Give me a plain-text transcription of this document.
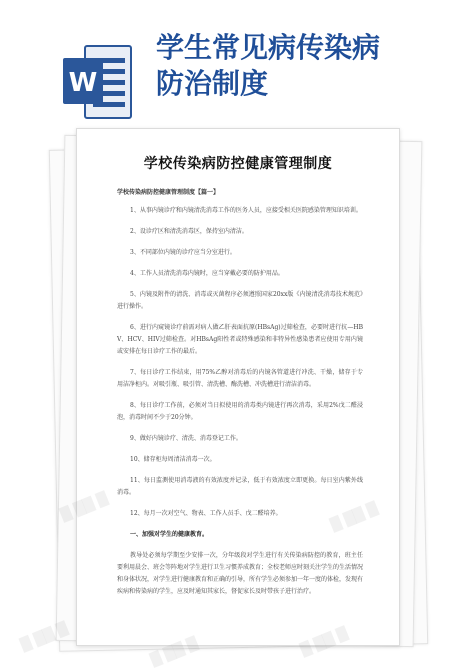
W
学生常见病传染病
防治制度
学校传染病防控健康管理制度
学校传染病防控健康管理制度【篇一】

1、从事内镜诊疗和内镜清洗消毒工作的医务人员，应接受相关医院感染管理知识培训。

2、设诊疗区和清洗消毒区，保持室内清洁。

3、不同部位内镜的诊疗应当分室进行。

4、工作人员清洗消毒内镜时，应当穿戴必要的防护用品。

5、内镜及附件的清洗、消毒或灭菌程序必须遵照国家20xx版《内镜清洗消毒技术规范》进行操作。

6、进行内窥镜诊疗前需对病人做乙肝表面抗原(HBsAg)过筛检查，必要时进行抗—HBV、HCV、HIV过筛检查。对HBsAg阳性者或特殊感染和非特异性感染患者应使用专用内镜或安排在每日诊疗工作的最后。

7、每日诊疗工作结束，用75%乙醇对消毒后的内镜各管道进行冲洗、干燥，储存于专用洁净柜内。对吸引瓶、吸引管、清洗槽、酶洗槽、冲洗槽进行清洁消毒。

8、每日诊疗工作前，必须对当日拟使用的消毒类内镜进行再次消毒，采用2%戊二醛浸泡，消毒时间不少于20分钟。

9、做好内镜诊疗、清洗、消毒登记工作。

10、储存柜每周清洁消毒一次。

11、每日监测使用消毒液的有效浓度并记录，低于有效浓度立即更换。每日室内紫外线消毒。

12、每月一次对空气、物表、工作人员手、戊二醛培养。

一、加强对学生的健康教育。

教导处必须每学期至少安排一次，分年级段对学生进行有关传染病防控的教育，班主任要利用晨会、班会等阵地对学生进行卫生习惯养成教育；全校老师应时刻关注学生的生活情况和身体状况，对学生进行健康教育和正确的引导，所有学生必须参加一年一度的体检，发现有疾病和传染病的学生，应及时通知其家长，督促家长及时带孩子进行治疗。

█ ██ █	█ ██ █
